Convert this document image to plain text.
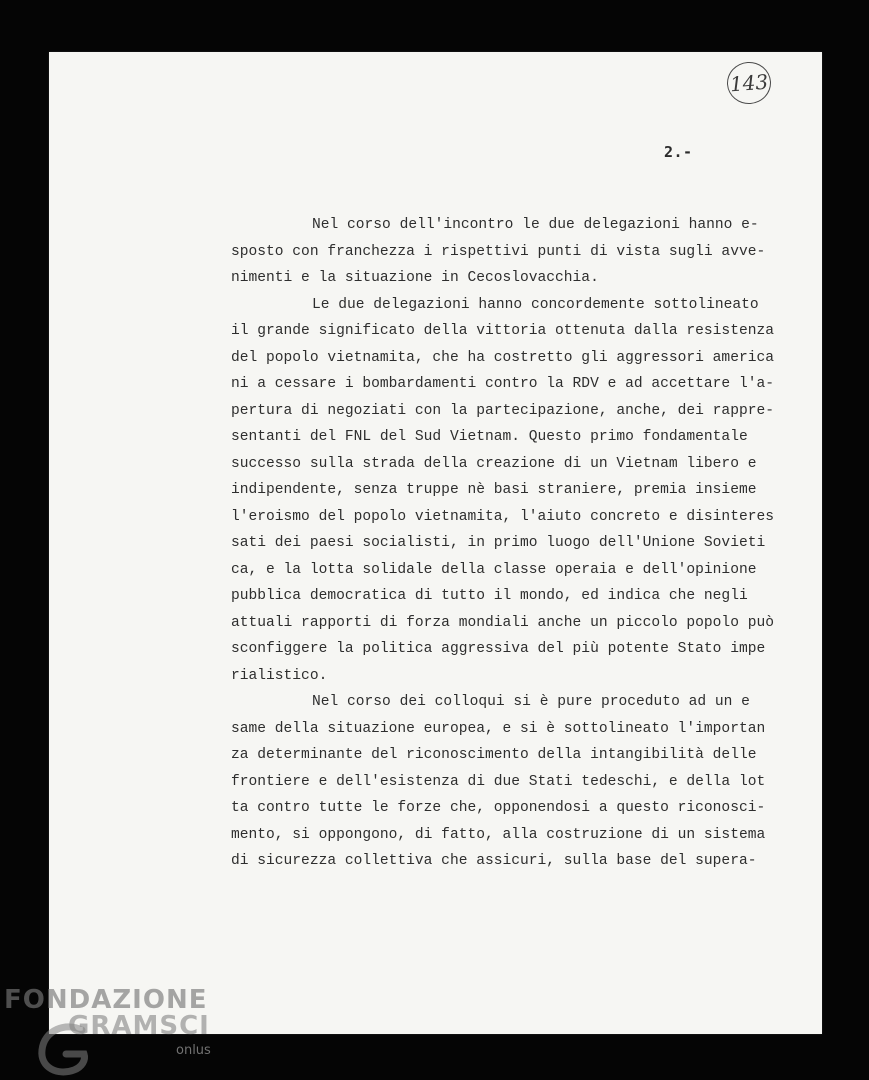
143
2.-
Nel corso dell'incontro le due delegazioni hanno e-
sposto con franchezza i rispettivi punti di vista sugli avve-
nimenti e la situazione in Cecoslovacchia.
Le due delegazioni hanno concordemente sottolineato
il grande significato della vittoria ottenuta dalla resistenza
del popolo vietnamita, che ha costretto gli aggressori america
ni a cessare i bombardamenti contro la RDV e ad accettare l'a-
pertura di negoziati con la partecipazione, anche, dei rappre-
sentanti del FNL del Sud Vietnam. Questo primo fondamentale
successo sulla strada della creazione di un Vietnam libero e
indipendente, senza truppe nè basi straniere, premia insieme
l'eroismo del popolo vietnamita, l'aiuto concreto e disinteres
sati dei paesi socialisti, in primo luogo dell'Unione Sovieti
ca, e la lotta solidale della classe operaia e dell'opinione
pubblica democratica di tutto il mondo, ed indica che negli
attuali rapporti di forza mondiali anche un piccolo popolo può
sconfiggere la politica aggressiva del più potente Stato impe
rialistico.
Nel corso dei colloqui si è pure proceduto ad un e
same della situazione europea, e si è sottolineato l'importan
za determinante del riconoscimento della intangibilità delle
frontiere e dell'esistenza di due Stati tedeschi, e della lot
ta contro tutte le forze che, opponendosi a questo riconosci-
mento, si oppongono, di fatto, alla costruzione di un sistema
di sicurezza collettiva che assicuri, sulla base del supera-
FONDAZIONE
GRAMSCI
onlus
